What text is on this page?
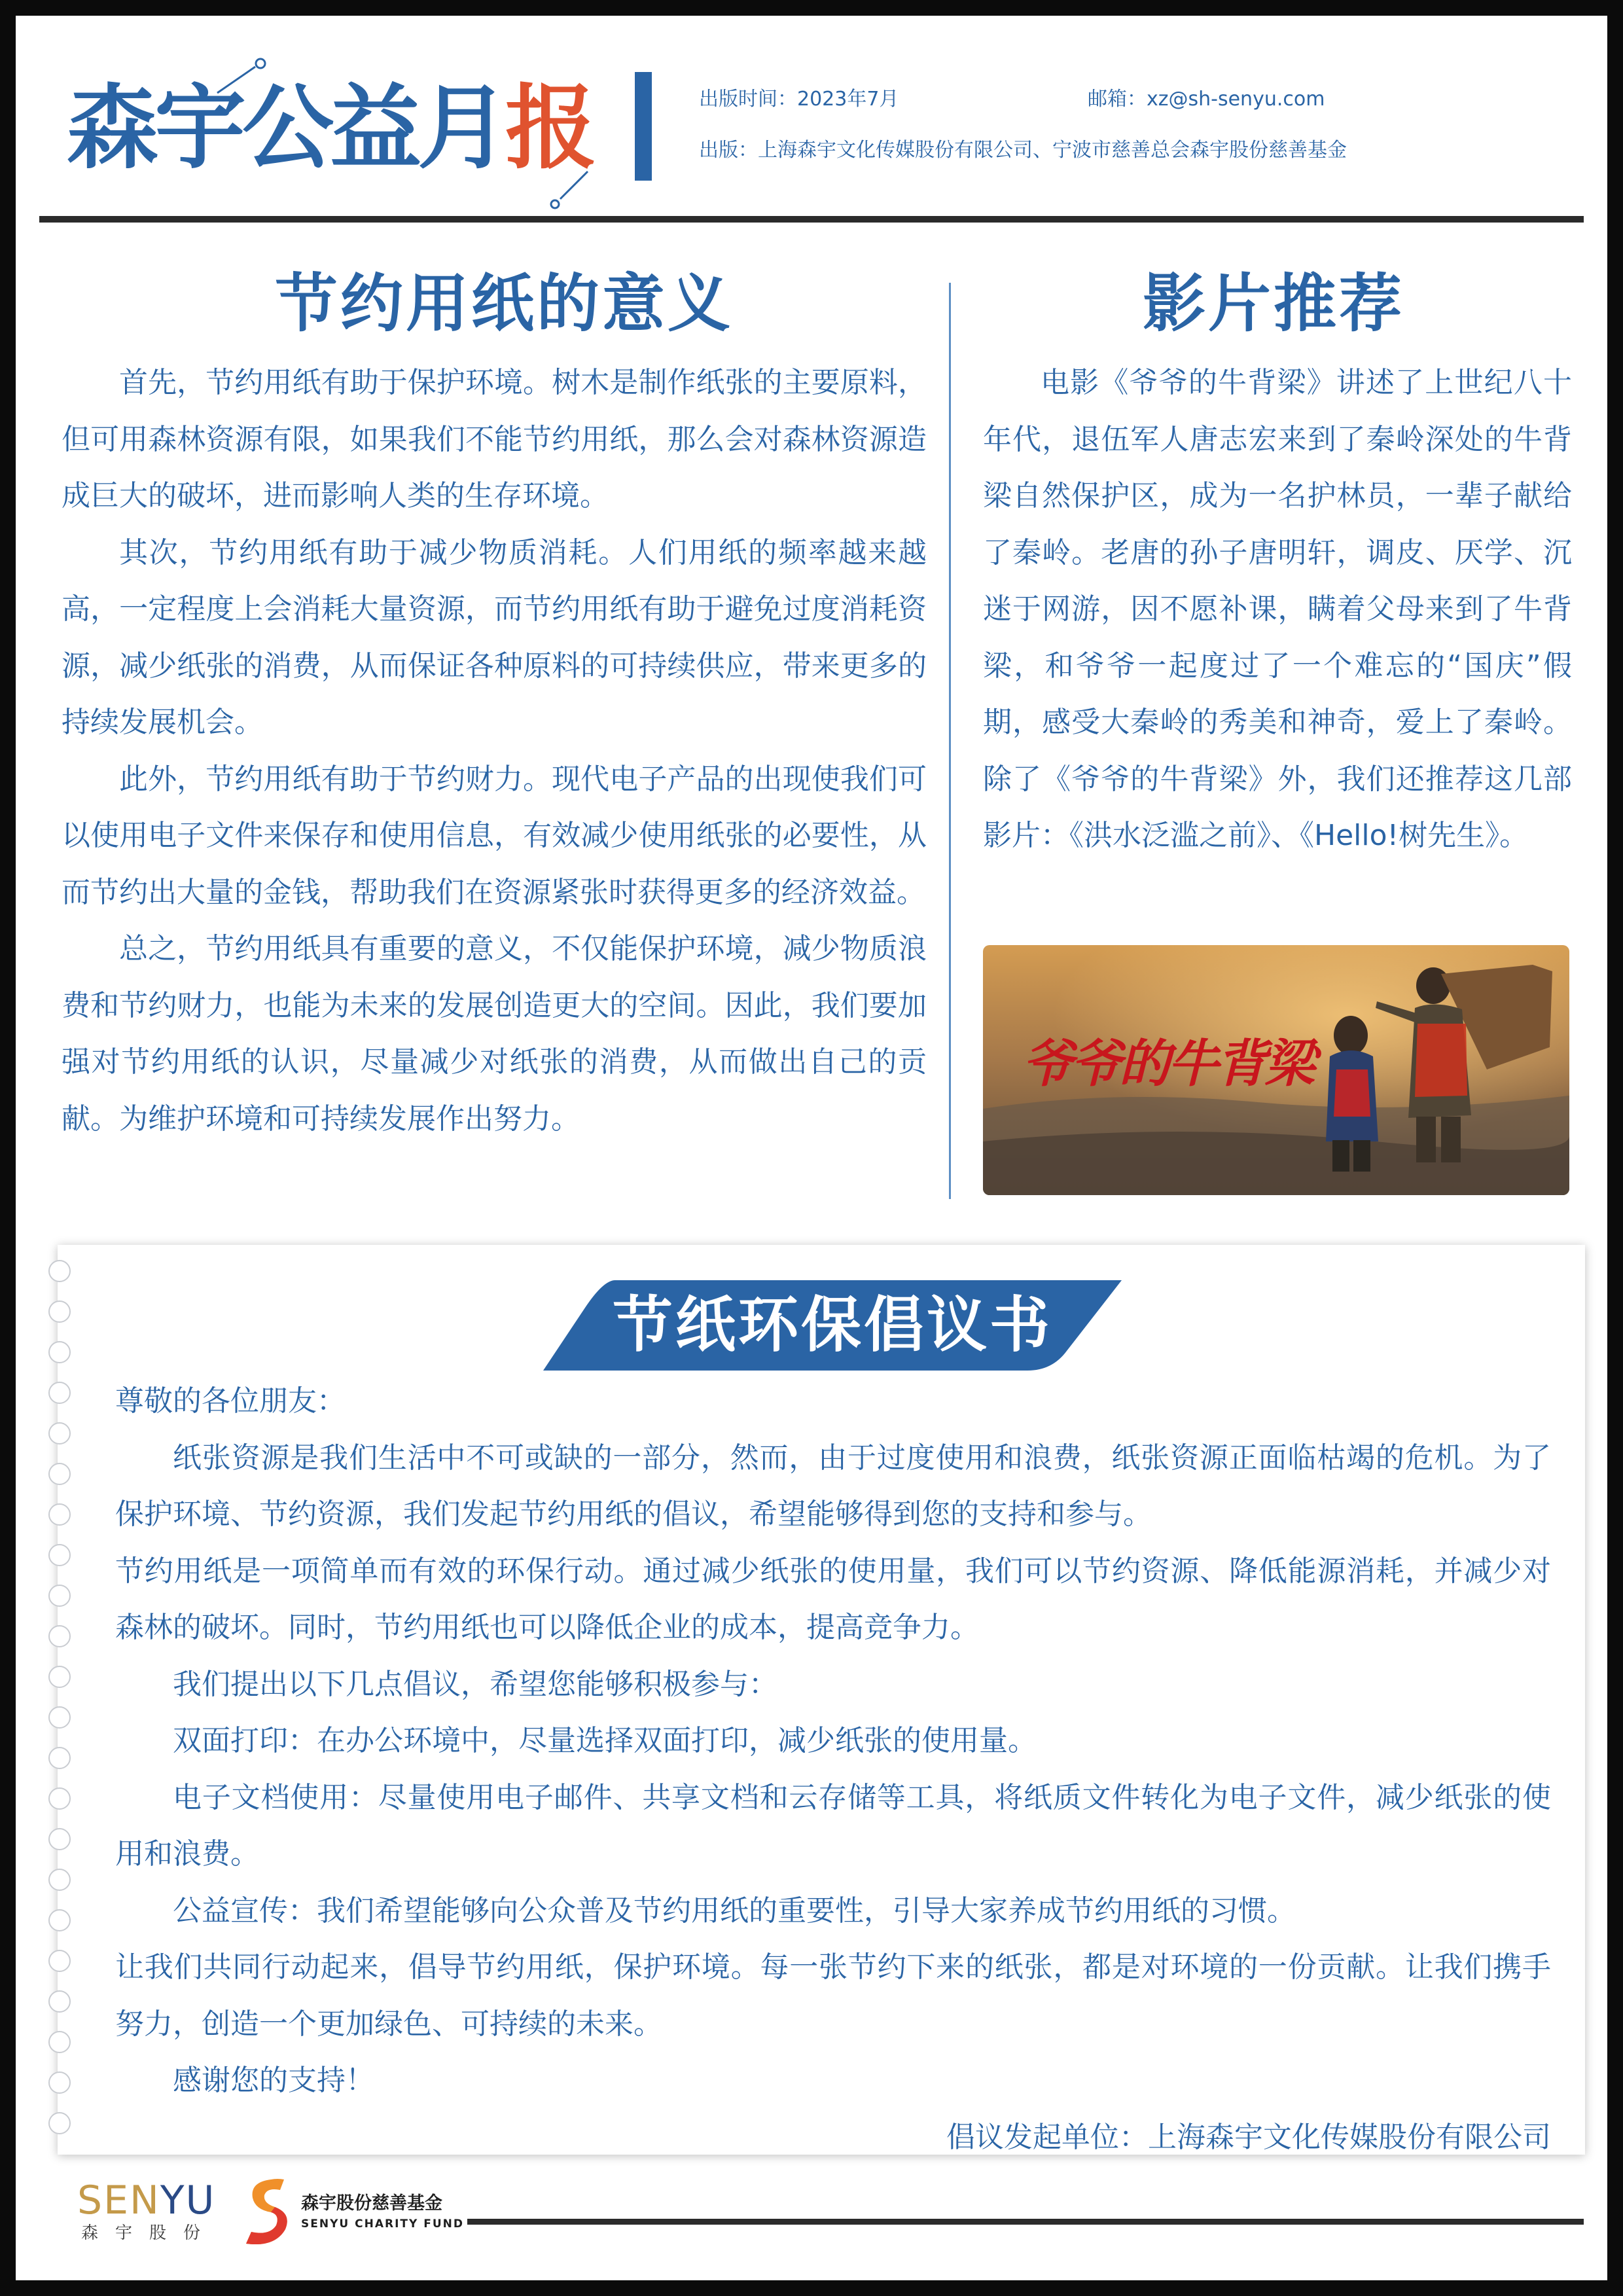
森宇公益月报	出版时间：2023年7月	邮箱：xz@sh-senyu.com
出版：上海森宇文化传媒股份有限公司、宁波市慈善总会森宇股份慈善基金
节约用纸的意义

首先，节约用纸有助于保护环境。树木是制作纸张的主要原料，但可用森林资源有限，如果我们不能节约用纸，那么会对森林资源造成巨大的破坏，进而影响人类的生存环境。

其次，节约用纸有助于减少物质消耗。人们用纸的频率越来越高，一定程度上会消耗大量资源，而节约用纸有助于避免过度消耗资源，减少纸张的消费，从而保证各种原料的可持续供应，带来更多的持续发展机会。

此外，节约用纸有助于节约财力。现代电子产品的出现使我们可以使用电子文件来保存和使用信息，有效减少使用纸张的必要性，从而节约出大量的金钱，帮助我们在资源紧张时获得更多的经济效益。

总之，节约用纸具有重要的意义，不仅能保护环境，减少物质浪费和节约财力，也能为未来的发展创造更大的空间。因此，我们要加强对节约用纸的认识，尽量减少对纸张的消费，从而做出自己的贡献。为维护环境和可持续发展作出努力。

影片推荐

电影《爷爷的牛背梁》讲述了上世纪八十年代，退伍军人唐志宏来到了秦岭深处的牛背梁自然保护区，成为一名护林员，一辈子献给了秦岭。老唐的孙子唐明轩，调皮、厌学、沉迷于网游，因不愿补课，瞒着父母来到了牛背梁，和爷爷一起度过了一个难忘的“国庆”假期，感受大秦岭的秀美和神奇，爱上了秦岭。除了《爷爷的牛背梁》外，我们还推荐这几部影片：《洪水泛滥之前》、《Hello!树先生》。

爷爷的牛背梁
节纸环保倡议书

尊敬的各位朋友：

纸张资源是我们生活中不可或缺的一部分，然而，由于过度使用和浪费，纸张资源正面临枯竭的危机。为了保护环境、节约资源，我们发起节约用纸的倡议，希望能够得到您的支持和参与。

节约用纸是一项简单而有效的环保行动。通过减少纸张的使用量，我们可以节约资源、降低能源消耗，并减少对森林的破坏。同时，节约用纸也可以降低企业的成本，提高竞争力。

我们提出以下几点倡议，希望您能够积极参与：

双面打印：在办公环境中，尽量选择双面打印，减少纸张的使用量。

电子文档使用：尽量使用电子邮件、共享文档和云存储等工具，将纸质文件转化为电子文件，减少纸张的使用和浪费。

公益宣传：我们希望能够向公众普及节约用纸的重要性，引导大家养成节约用纸的习惯。

让我们共同行动起来，倡导节约用纸，保护环境。每一张节约下来的纸张，都是对环境的一份贡献。让我们携手努力，创造一个更加绿色、可持续的未来。

感谢您的支持！

倡议发起单位：上海森宇文化传媒股份有限公司

SENYU
森宇股份
森宇股份慈善基金
SENYU CHARITY FUND
